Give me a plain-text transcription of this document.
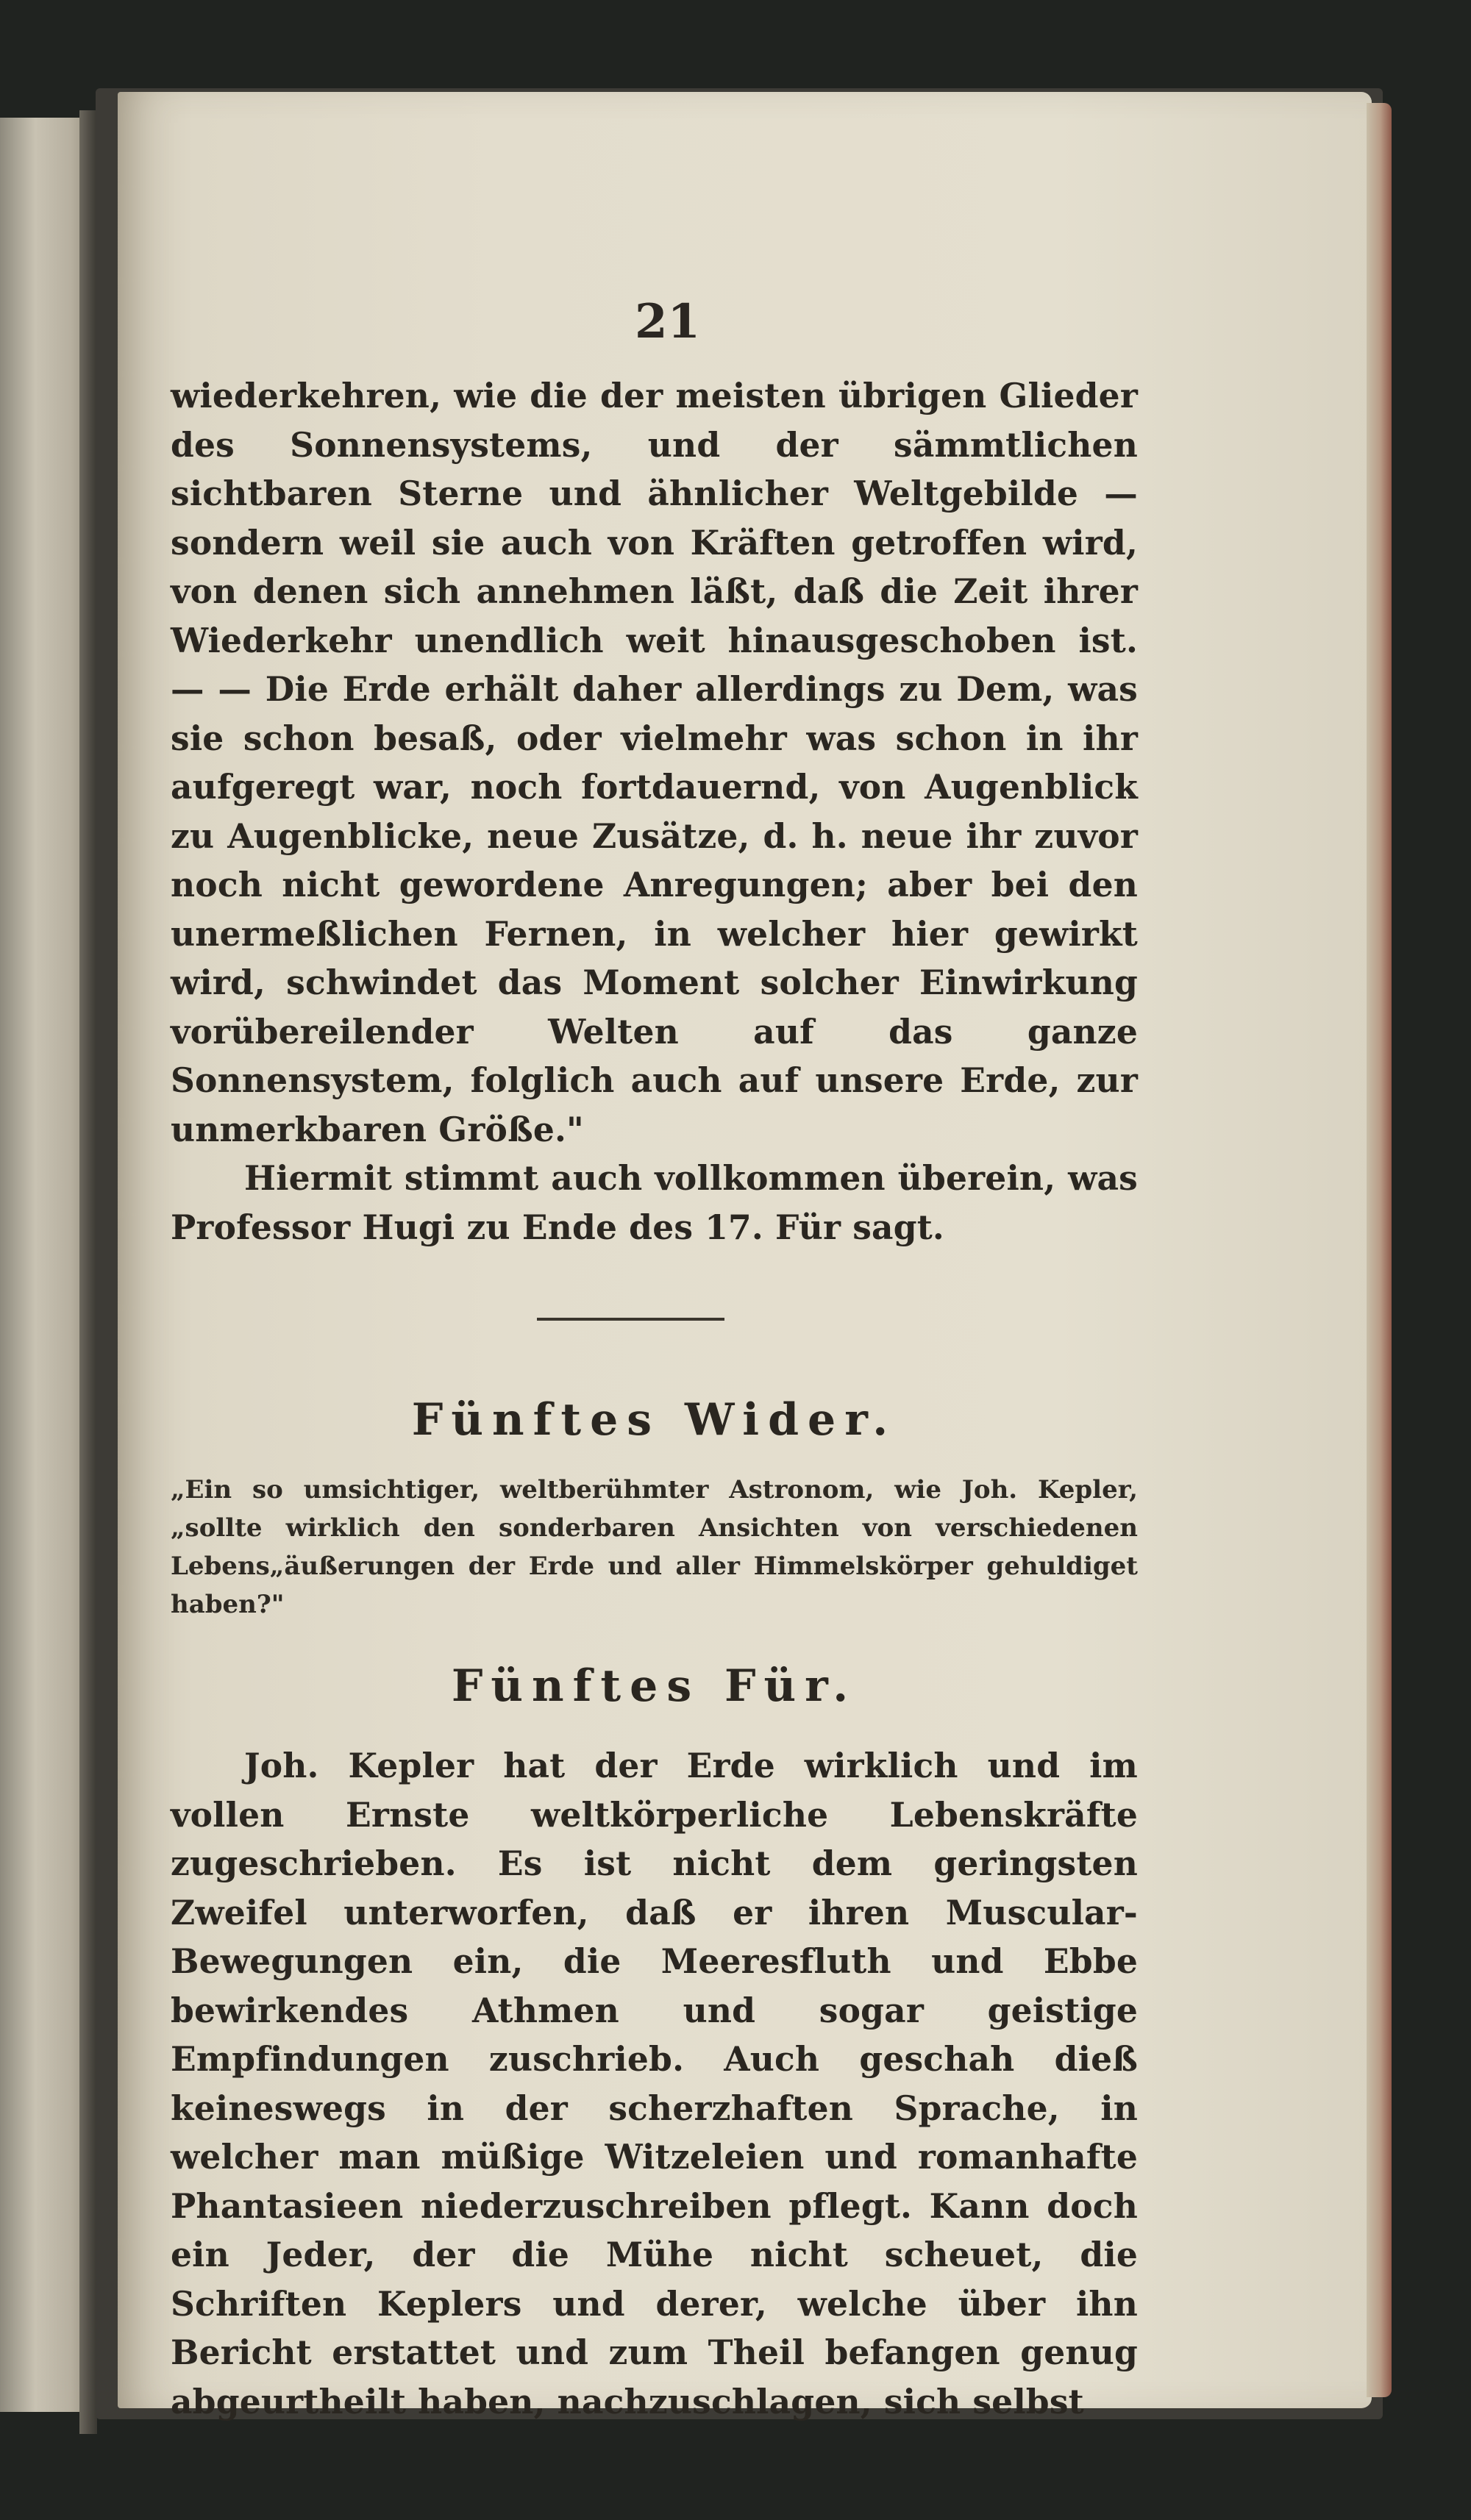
21

wiederkehren, wie die der meisten übrigen Glieder des Sonnensystems, und der sämmtlichen sichtbaren Sterne und ähnlicher Weltgebilde — sondern weil sie auch von Kräften getroffen wird, von denen sich annehmen läßt, daß die Zeit ihrer Wiederkehr unendlich weit hinausgeschoben ist. — — Die Erde erhält daher allerdings zu Dem, was sie schon besaß, oder vielmehr was schon in ihr aufgeregt war, noch fortdauernd, von Augenblick zu Augenblicke, neue Zusätze, d. h. neue ihr zuvor noch nicht gewordene Anregungen; aber bei den unermeßlichen Fernen, in welcher hier gewirkt wird, schwindet das Moment solcher Einwirkung vorübereilender Welten auf das ganze Sonnensystem, folglich auch auf unsere Erde, zur unmerkbaren Größe."

Hiermit stimmt auch vollkommen überein, was Professor Hugi zu Ende des 17. Für sagt.

Fünftes Wider.

„Ein so umsichtiger, weltberühmter Astronom, wie Joh. Kepler, „sollte wirklich den sonderbaren Ansichten von verschiedenen Lebens„äußerungen der Erde und aller Himmelskörper gehuldiget haben?"

Fünftes Für.

Joh. Kepler hat der Erde wirklich und im vollen Ernste weltkörperliche Lebenskräfte zugeschrieben. Es ist nicht dem geringsten Zweifel unterworfen, daß er ihren Muscular-Bewegungen ein, die Meeresfluth und Ebbe bewirkendes Athmen und sogar geistige Empfindungen zuschrieb. Auch geschah dieß keineswegs in der scherzhaften Sprache, in welcher man müßige Witzeleien und romanhafte Phantasieen niederzuschreiben pflegt. Kann doch ein Jeder, der die Mühe nicht scheuet, die Schriften Keplers und derer, welche über ihn Bericht erstattet und zum Theil befangen genug abgeurtheilt haben, nachzuschlagen, sich selbst
